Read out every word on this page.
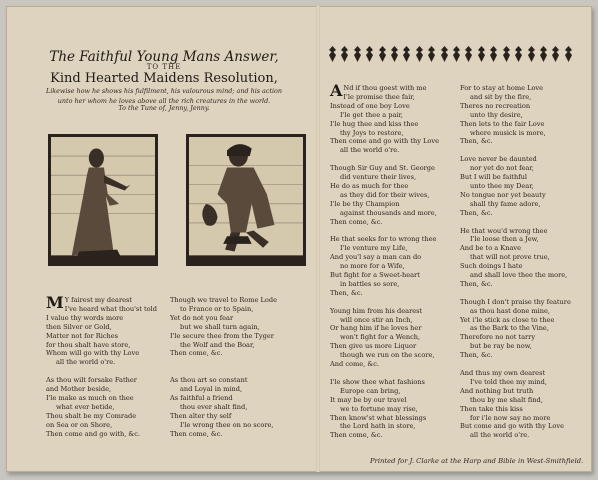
The Faithful Young Mans Answer,
TO THE
Kind Hearted Maidens Resolution,
Likewise how he shows his fulfilment, his valourous mind; and his action
unto her whom he loves above all the rich creatures in the world.
To the Tune of, Jenny, Jenny.
M Y fairest my dearest
I've heard what thou'st told
I value thy words more
then Silver or Gold,
Matter not for Riches
for thou shalt have store,
Whom will go with thy Love
all the world o're.

As thou wilt forsake Father
and Mother beside,
I'le make as much on thee
what ever betide,
Thou shalt be my Comrade
on Sea or on Shore,
Then come and go with, &c.
Though we travel to Rome Lode
to France or to Spain,
Yet do not you fear
but we shall turn again,
I'le secure thee from the Tyger
the Wolf and the Boar,
Then come, &c.

As thou art so constant
and Loyal in mind,
As faithful a friend
thou ever shalt find,
Then alter thy self
I'le wrong thee on no score,
Then come, &c.
A Nd if thou goest with me
I'le promise thee fair,
Instead of one boy Love
I'le get thee a pair,
I'le hug thee and kiss thee
thy Joys to restore,
Then come and go with thy Love
all the world o're.

Though Sir Guy and St. George
did venture their lives,
He do as much for thee
as they did for their wives,
I'le be thy Champion
against thousands and more,
Then come, &c.

He that seeks for to wrong thee
I'le venture my Life,
And you'l say a man can do
no more for a Wife,
But fight for a Sweet-heart
in battles so sore,
Then, &c.

Young him from his dearest
will once stir an Inch,
Or hang him if he loves her
won't fight for a Wench,
Then give us more Liquor
though we run on the score,
And come, &c.

I'le show thee what fashions
Europe can bring,
It may be by our travel
we to fortune may rise,
Then know'st what blessings
the Lord hath in store,
Then come, &c.
For to stay at home Love
and sit by the fire,
Theres no recreation
unto thy desire,
Then lets to the fair Love
where musick is more,
Then, &c.

Love never be daunted
nor yet do not fear,
But I will be faithful
unto thee my Dear,
No tongue nor yet beauty
shall thy fame adore,
Then, &c.

He that wou'd wrong thee
I'le loose then a Jew,
And be to a Knave
that will not prove true,
Such doings I hate
and shall love thee the more,
Then, &c.

Though I don't praise thy feature
as thou hast done mine,
Yet i'le stick as close to thee
as the Bark to the Vine,
Therefore no not tarry
but be ray be now,
Then, &c.

And thus my own dearest
I've told thee my mind,
And nothing but truth
thou by me shalt find,
Then take this kiss
for i'le now say no more
But come and go with thy Love
all the world o're.
Printed for J. Clarke at the Harp and Bible in West-Smithfield.
